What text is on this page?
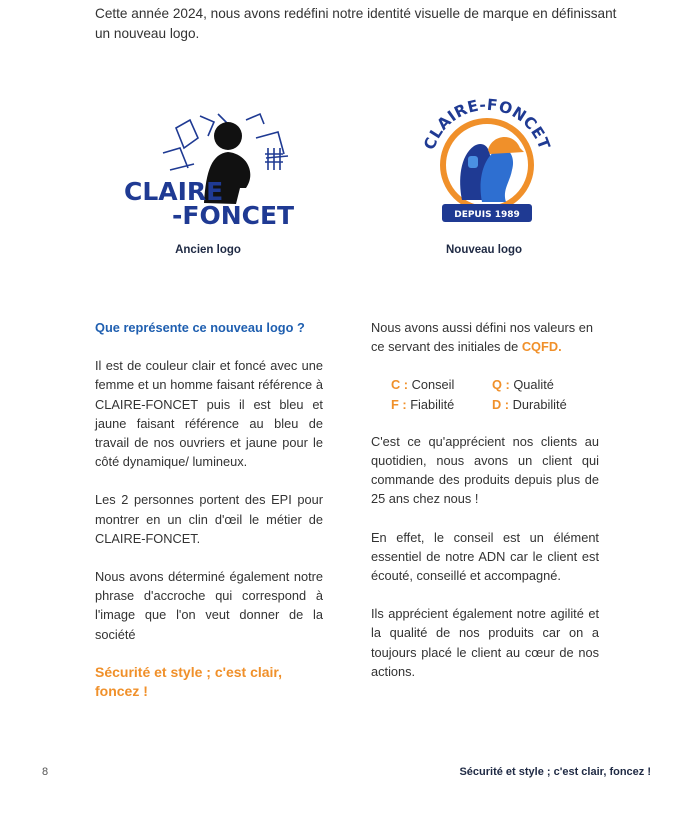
Cette année 2024, nous avons redéfini notre identité visuelle de marque en définissant un nouveau logo.
CLAIRE
-FONCET
CLAIRE-FONCET
DEPUIS 1989
Ancien logo	Nouveau logo

Que représente ce nouveau logo ?

Il est de couleur clair et foncé avec une femme et un homme faisant référence à CLAIRE-FONCET puis il est bleu et jaune faisant référence au bleu de travail de nos ouvriers et jaune pour le côté dynamique/ lumineux.

Les 2 personnes portent des EPI pour montrer en un clin d'œil le métier de CLAIRE-FONCET.

Nous avons déterminé également notre phrase d'accroche qui correspond à l'image que l'on veut donner de la société

Sécurité et style ; c'est clair, foncez !

Nous avons aussi défini nos valeurs en ce servant des initiales de CQFD.

C : Conseil	Q : Qualité
F : Fiabilité	D : Durabilité

C'est ce qu'apprécient nos clients au quotidien, nous avons un client qui commande des produits depuis plus de 25 ans chez nous !

En effet, le conseil est un élément essentiel de notre ADN car le client est écouté, conseillé et accompagné.

Ils apprécient également notre agilité et la qualité de nos produits car on a toujours placé le client au cœur de nos actions.

8	Sécurité et style ; c'est clair, foncez !
